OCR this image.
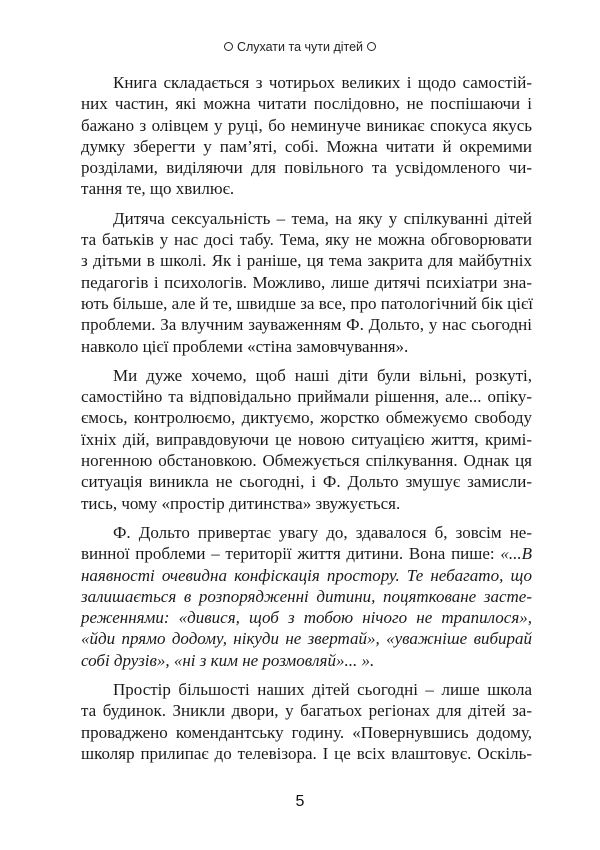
Слухати та чути дітей
Книга складається з чотирьох великих і щодо самостій-
них частин, які можна читати послідовно, не поспішаючи і
бажано з олівцем у руці, бо неминуче виникає спокуса якусь
думку зберегти у пам’яті, собі. Можна читати й окремими
розділами, виділяючи для повільного та усвідомленого чи-
тання те, що хвилює.
Дитяча сексуальність – тема, на яку у спілкуванні дітей
та батьків у нас досі табу. Тема, яку не можна обговорювати
з дітьми в школі. Як і раніше, ця тема закрита для майбутніх
педагогів і психологів. Можливо, лише дитячі психіатри зна-
ють більше, але й те, швидше за все, про патологічний бік цієї
проблеми. За влучним зауваженням Ф. Дольто, у нас сьогодні
навколо цієї проблеми «стіна замовчування».
Ми дуже хочемо, щоб наші діти були вільні, розкуті,
самостійно та відповідально приймали рішення, але... опіку-
ємось, контролюємо, диктуємо, жорстко обмежуємо свободу
їхніх дій, виправдовуючи це новою ситуацією життя, кримі-
ногенною обстановкою. Обмежується спілкування. Однак ця
ситуація виникла не сьогодні, і Ф. Дольто змушує замисли-
тись, чому «простір дитинства» звужується.
Ф. Дольто привертає увагу до, здавалося б, зовсім не-
винної проблеми – території життя дитини. Вона пише: «...В
наявності очевидна конфіскація простору. Те небагато, що
залишається в розпорядженні дитини, поцятковане засте-
реженнями: «дивися, щоб з тобою нічого не трапилося»,
«йди прямо додому, нікуди не звертай», «уважніше вибирай
собі друзів», «ні з ким не розмовляй»... ».
Простір більшості наших дітей сьогодні – лише школа
та будинок. Зникли двори, у багатьох регіонах для дітей за-
провадженo комендантську годину. «Повернувшись додому,
школяр прилипає до телевізора. І це всіх влаштовує. Оскіль-
5
